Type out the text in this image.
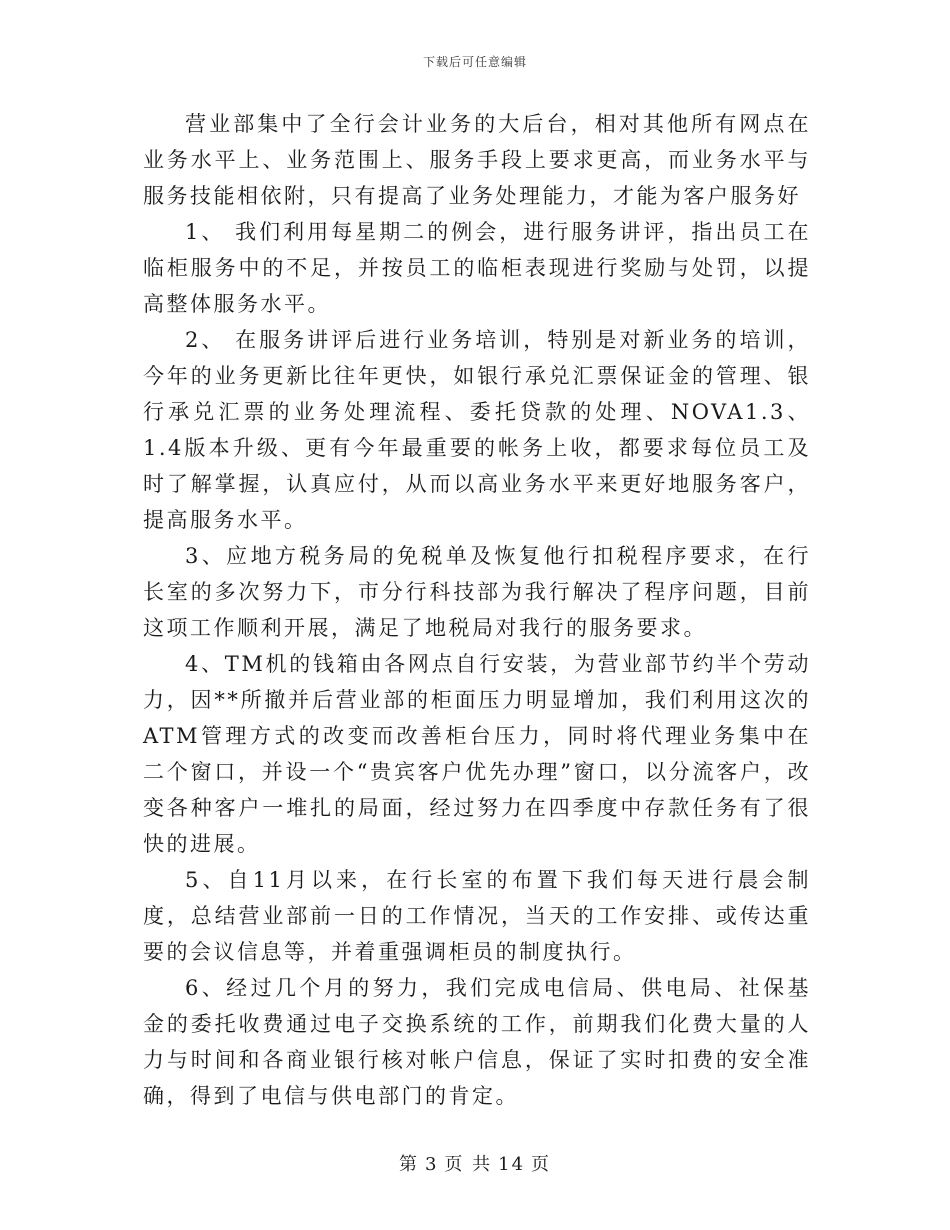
下载后可任意编辑

营业部集中了全行会计业务的大后台，相对其他所有网点在业务水平上、业务范围上、服务手段上要求更高，而业务水平与服务技能相依附，只有提高了业务处理能力，才能为客户服务好

1、 我们利用每星期二的例会，进行服务讲评，指出员工在临柜服务中的不足，并按员工的临柜表现进行奖励与处罚，以提高整体服务水平。

2、 在服务讲评后进行业务培训，特别是对新业务的培训，今年的业务更新比往年更快，如银行承兑汇票保证金的管理、银行承兑汇票的业务处理流程、委托贷款的处理、NOVA1.3、1.4版本升级、更有今年最重要的帐务上收，都要求每位员工及时了解掌握，认真应付，从而以高业务水平来更好地服务客户，提高服务水平。

3、应地方税务局的免税单及恢复他行扣税程序要求，在行长室的多次努力下，市分行科技部为我行解决了程序问题，目前这项工作顺利开展，满足了地税局对我行的服务要求。

4、TM机的钱箱由各网点自行安装，为营业部节约半个劳动力，因**所撤并后营业部的柜面压力明显增加，我们利用这次的ATM管理方式的改变而改善柜台压力，同时将代理业务集中在二个窗口，并设一个“贵宾客户优先办理”窗口，以分流客户，改变各种客户一堆扎的局面，经过努力在四季度中存款任务有了很快的进展。

5、自11月以来，在行长室的布置下我们每天进行晨会制度，总结营业部前一日的工作情况，当天的工作安排、或传达重要的会议信息等，并着重强调柜员的制度执行。

6、经过几个月的努力，我们完成电信局、供电局、社保基金的委托收费通过电子交换系统的工作，前期我们化费大量的人力与时间和各商业银行核对帐户信息，保证了实时扣费的安全准确，得到了电信与供电部门的肯定。

第 3 页 共 14 页
